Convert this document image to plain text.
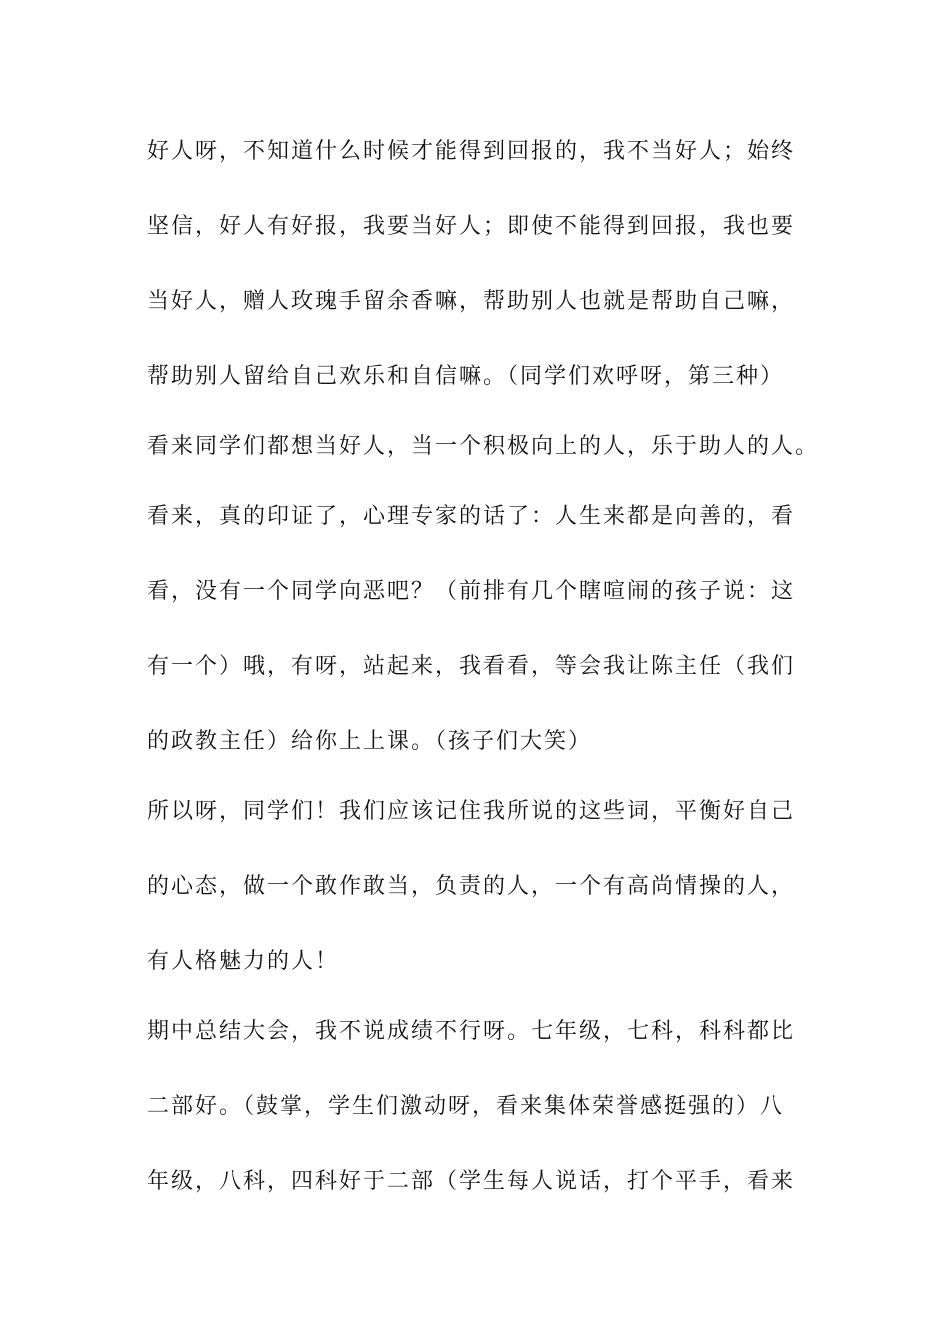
好人呀，不知道什么时候才能得到回报的，我不当好人；始终
坚信，好人有好报，我要当好人；即使不能得到回报，我也要
当好人，赠人玫瑰手留余香嘛，帮助别人也就是帮助自己嘛，
帮助别人留给自己欢乐和自信嘛。（同学们欢呼呀，第三种）
看来同学们都想当好人，当一个积极向上的人，乐于助人的人。
看来，真的印证了，心理专家的话了：人生来都是向善的，看
看，没有一个同学向恶吧？（前排有几个瞎喧闹的孩子说：这
有一个）哦，有呀，站起来，我看看，等会我让陈主任（我们
的政教主任）给你上上课。（孩子们大笑）
所以呀，同学们！我们应该记住我所说的这些词，平衡好自己
的心态，做一个敢作敢当，负责的人，一个有高尚情操的人，
有人格魅力的人！
期中总结大会，我不说成绩不行呀。七年级，七科，科科都比
二部好。（鼓掌，学生们激动呀，看来集体荣誉感挺强的）八
年级，八科，四科好于二部（学生每人说话，打个平手，看来
